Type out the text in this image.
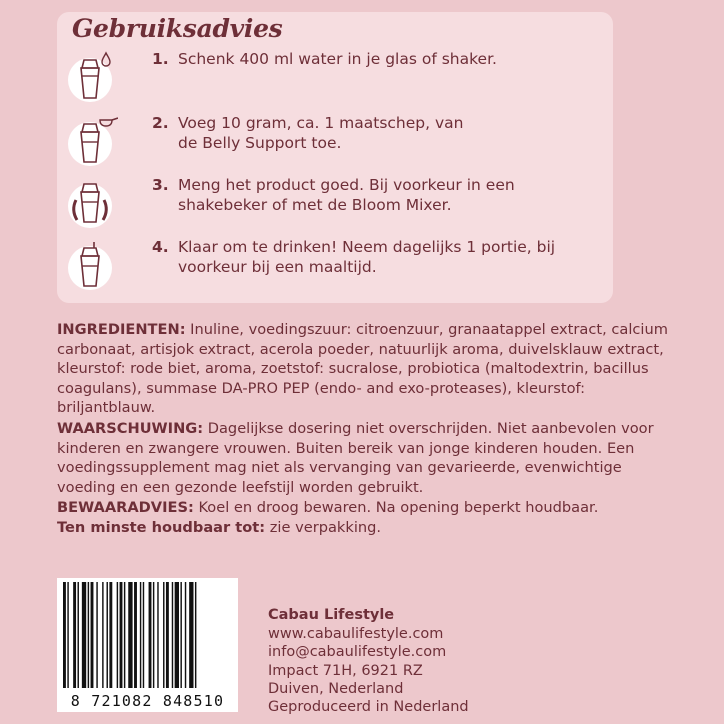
Gebruiksadvies
1. Schenk 400 ml water in je glas of shaker.
2. Voeg 10 gram, ca. 1 maatschep, van de Belly Support toe.
3. Meng het product goed. Bij voorkeur in een shakebeker of met de Bloom Mixer.
4. Klaar om te drinken! Neem dagelijks 1 portie, bij voorkeur bij een maaltijd.

INGREDIENTEN: Inuline, voedingszuur: citroenzuur, granaatappel extract, calcium carbonaat, artisjok extract, acerola poeder, natuurlijk aroma, duivelsklauw extract, kleurstof: rode biet, aroma, zoetstof: sucralose, probiotica (maltodextrin, bacillus coagulans), summase DA-PRO PEP (endo- and exo-proteases), kleurstof: briljantblauw.

WAARSCHUWING: Dagelijkse dosering niet overschrijden. Niet aanbevolen voor kinderen en zwangere vrouwen. Buiten bereik van jonge kinderen houden. Een voedingssupplement mag niet als vervanging van gevarieerde, evenwichtige voeding en een gezonde leefstijl worden gebruikt.

BEWAARADVIES: Koel en droog bewaren. Na opening beperkt houdbaar.

Ten minste houdbaar tot: zie verpakking.

8 721082 848510
Cabau Lifestyle
www.cabaulifestyle.com
info@cabaulifestyle.com
Impact 71H, 6921 RZ
Duiven, Nederland
Geproduceerd in Nederland
